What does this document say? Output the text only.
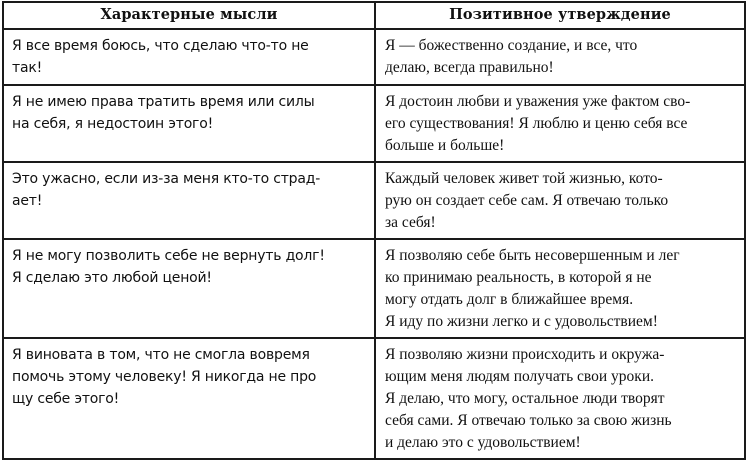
Характерные мысли	Позитивное утверждение

Я все время боюсь, что сделаю что-то не
так!	Я — божественно создание, и все, что
делаю, всегда правильно!

Я не имею права тратить время или силы
на себя, я недостоин этого!	Я достоин любви и уважения уже фактом сво-
его существования! Я люблю и ценю себя все
больше и больше!

Это ужасно, если из-за меня кто-то страд-
ает!	Каждый человек живет той жизнью, кото-
рую он создает себе сам. Я отвечаю только
за себя!

Я не могу позволить себе не вернуть долг!
Я сделаю это любой ценой!	Я позволяю себе быть несовершенным и лег
ко принимаю реальность, в которой я не
могу отдать долг в ближайшее время.
Я иду по жизни легко и с удовольствием!

Я виновата в том, что не смогла вовремя
помочь этому человеку! Я никогда не про
щу себе этого!	Я позволяю жизни происходить и окружа-
ющим меня людям получать свои уроки.
Я делаю, что могу, остальное люди творят
себя сами. Я отвечаю только за свою жизнь
и делаю это с удовольствием!
